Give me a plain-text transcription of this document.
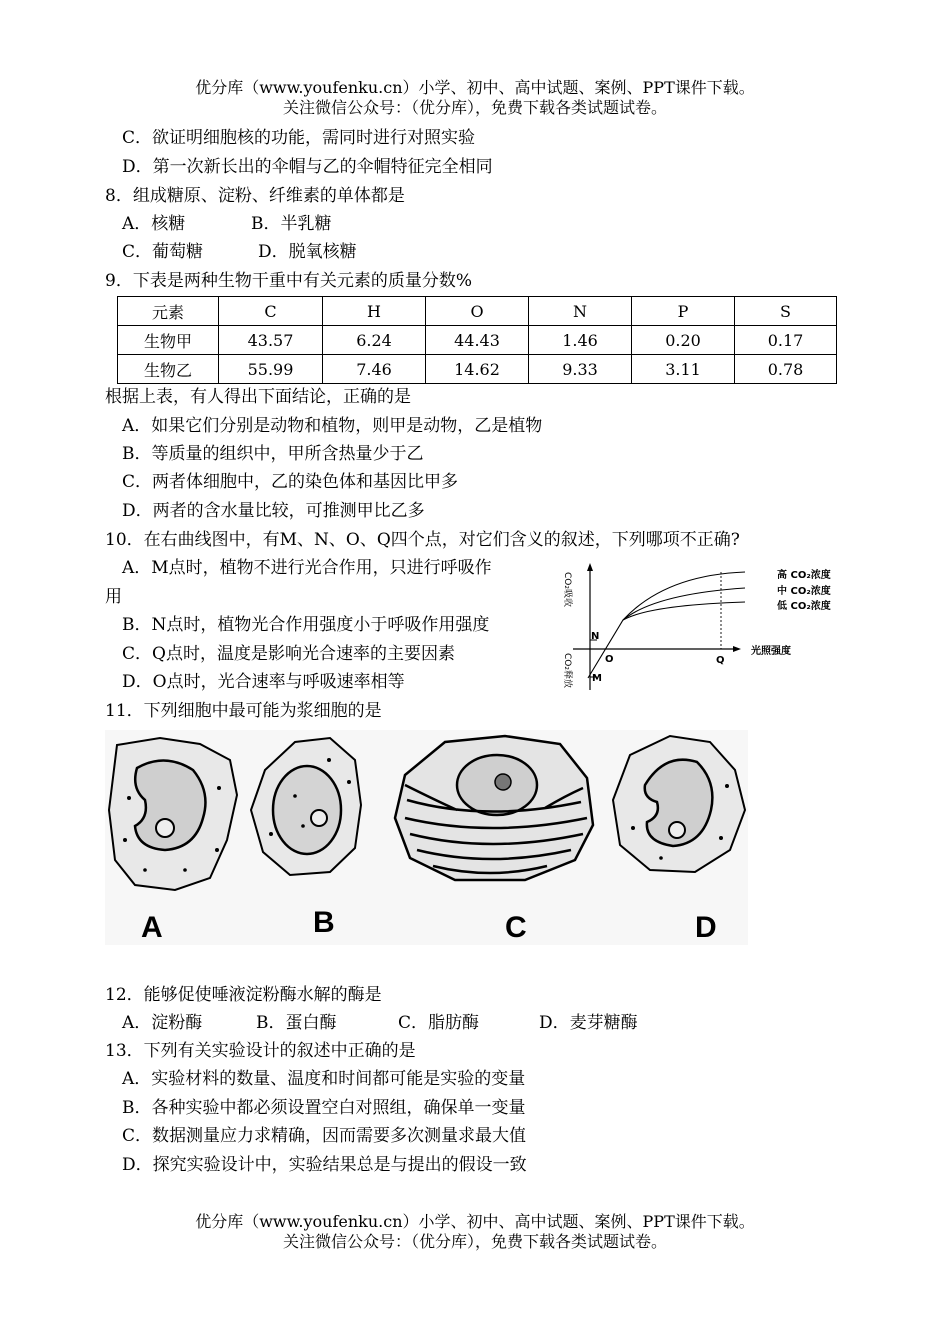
优分库（www.youfenku.cn）小学、初中、高中试题、案例、PPT课件下载。
关注微信公众号：（优分库），免费下载各类试题试卷。
C．欲证明细胞核的功能，需同时进行对照实验
D．第一次新长出的伞帽与乙的伞帽特征完全相同
8．组成糖原、淀粉、纤维素的单体都是
A．核糖	B．半乳糖
C．葡萄糖	D．脱氧核糖
9．下表是两种生物干重中有关元素的质量分数%
元素	C	H	O	N	P	S
生物甲	43.57	6.24	44.43	1.46	0.20	0.17
生物乙	55.99	7.46	14.62	9.33	3.11	0.78
根据上表，有人得出下面结论，正确的是
A．如果它们分别是动物和植物，则甲是动物，乙是植物
B．等质量的组织中，甲所含热量少于乙
C．两者体细胞中，乙的染色体和基因比甲多
D．两者的含水量比较，可推测甲比乙多
10．在右曲线图中，有M、N、O、Q四个点，对它们含义的叙述，下列哪项不正确?
A．M点时，植物不进行光合作用，只进行呼吸作
用
B．N点时，植物光合作用强度小于呼吸作用强度
C．Q点时，温度是影响光合速率的主要因素
D．O点时，光合速率与呼吸速率相等
CO₂吸收
CO₂释放
光照强度
高 CO₂浓度
中 CO₂浓度
低 CO₂浓度
N
O
M
Q
11．下列细胞中最可能为浆细胞的是
A	B	C	D
12．能够促使唾液淀粉酶水解的酶是
A．淀粉酶	B．蛋白酶	C．脂肪酶	D．麦芽糖酶
13．下列有关实验设计的叙述中正确的是
A．实验材料的数量、温度和时间都可能是实验的变量
B．各种实验中都必须设置空白对照组，确保单一变量
C．数据测量应力求精确，因而需要多次测量求最大值
D．探究实验设计中，实验结果总是与提出的假设一致
优分库（www.youfenku.cn）小学、初中、高中试题、案例、PPT课件下载。
关注微信公众号：（优分库），免费下载各类试题试卷。
